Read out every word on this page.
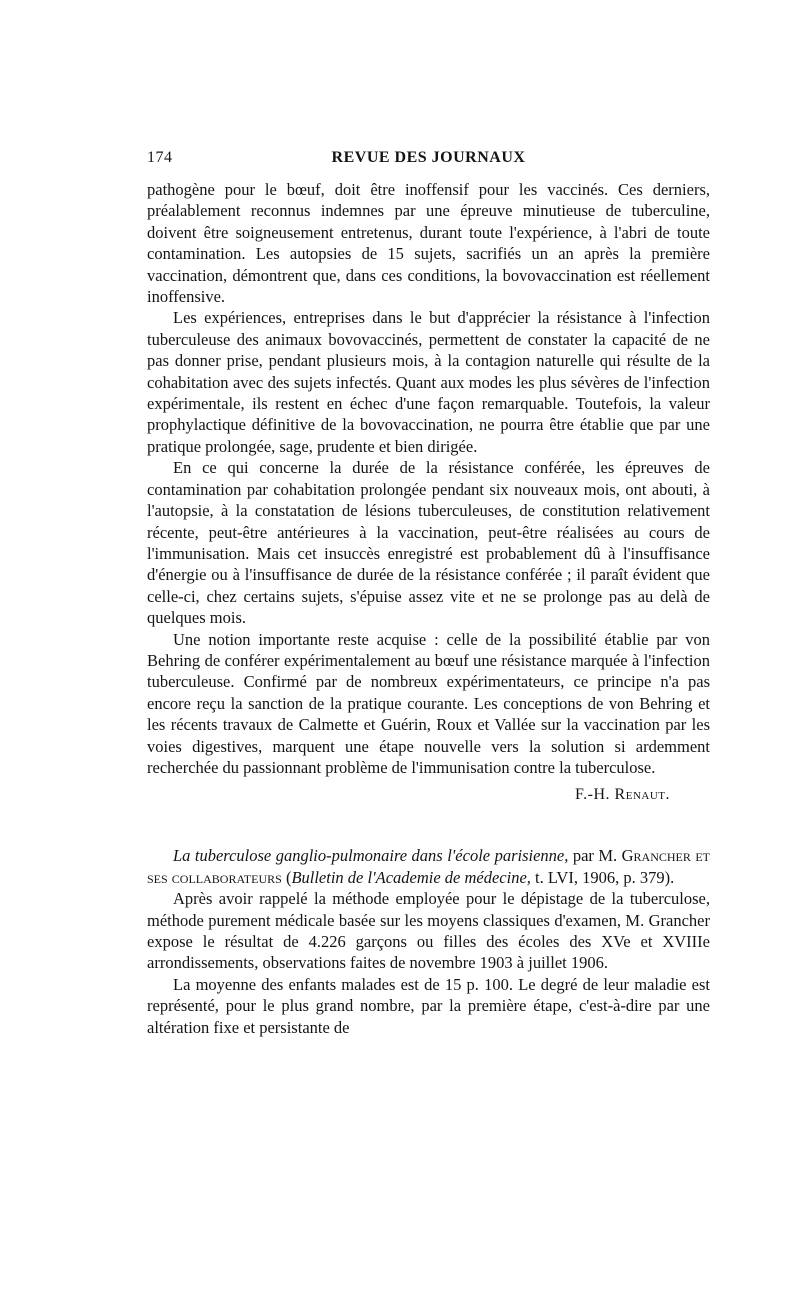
174	REVUE DES JOURNAUX

pathogène pour le bœuf, doit être inoffensif pour les vaccinés. Ces derniers, préalablement reconnus indemnes par une épreuve minutieuse de tuberculine, doivent être soigneusement entretenus, durant toute l'expérience, à l'abri de toute contamination. Les autopsies de 15 sujets, sacrifiés un an après la première vaccination, démontrent que, dans ces conditions, la bovovaccination est réellement inoffensive.

Les expériences, entreprises dans le but d'apprécier la résistance à l'infection tuberculeuse des animaux bovovaccinés, permettent de constater la capacité de ne pas donner prise, pendant plusieurs mois, à la contagion naturelle qui résulte de la cohabitation avec des sujets infectés. Quant aux modes les plus sévères de l'infection expérimentale, ils restent en échec d'une façon remarquable. Toutefois, la valeur prophylactique définitive de la bovovaccination, ne pourra être établie que par une pratique prolongée, sage, prudente et bien dirigée.

En ce qui concerne la durée de la résistance conférée, les épreuves de contamination par cohabitation prolongée pendant six nouveaux mois, ont abouti, à l'autopsie, à la constatation de lésions tuberculeuses, de constitution relativement récente, peut-être antérieures à la vaccination, peut-être réalisées au cours de l'immunisation. Mais cet insuccès enregistré est probablement dû à l'insuffisance d'énergie ou à l'insuffisance de durée de la résistance conférée ; il paraît évident que celle-ci, chez certains sujets, s'épuise assez vite et ne se prolonge pas au delà de quelques mois.

Une notion importante reste acquise : celle de la possibilité établie par von Behring de conférer expérimentalement au bœuf une résistance marquée à l'infection tuberculeuse. Confirmé par de nombreux expérimentateurs, ce principe n'a pas encore reçu la sanction de la pratique courante. Les conceptions de von Behring et les récents travaux de Calmette et Guérin, Roux et Vallée sur la vaccination par les voies digestives, marquent une étape nouvelle vers la solution si ardemment recherchée du passionnant problème de l'immunisation contre la tuberculose.

F.-H. Renaut.

La tuberculose ganglio-pulmonaire dans l'école parisienne, par M. Grancher et ses collaborateurs (Bulletin de l'Academie de médecine, t. LVI, 1906, p. 379).

Après avoir rappelé la méthode employée pour le dépistage de la tuberculose, méthode purement médicale basée sur les moyens classiques d'examen, M. Grancher expose le résultat de 4.226 garçons ou filles des écoles des XVe et XVIIIe arrondissements, observations faites de novembre 1903 à juillet 1906.

La moyenne des enfants malades est de 15 p. 100. Le degré de leur maladie est représenté, pour le plus grand nombre, par la première étape, c'est-à-dire par une altération fixe et persistante de
